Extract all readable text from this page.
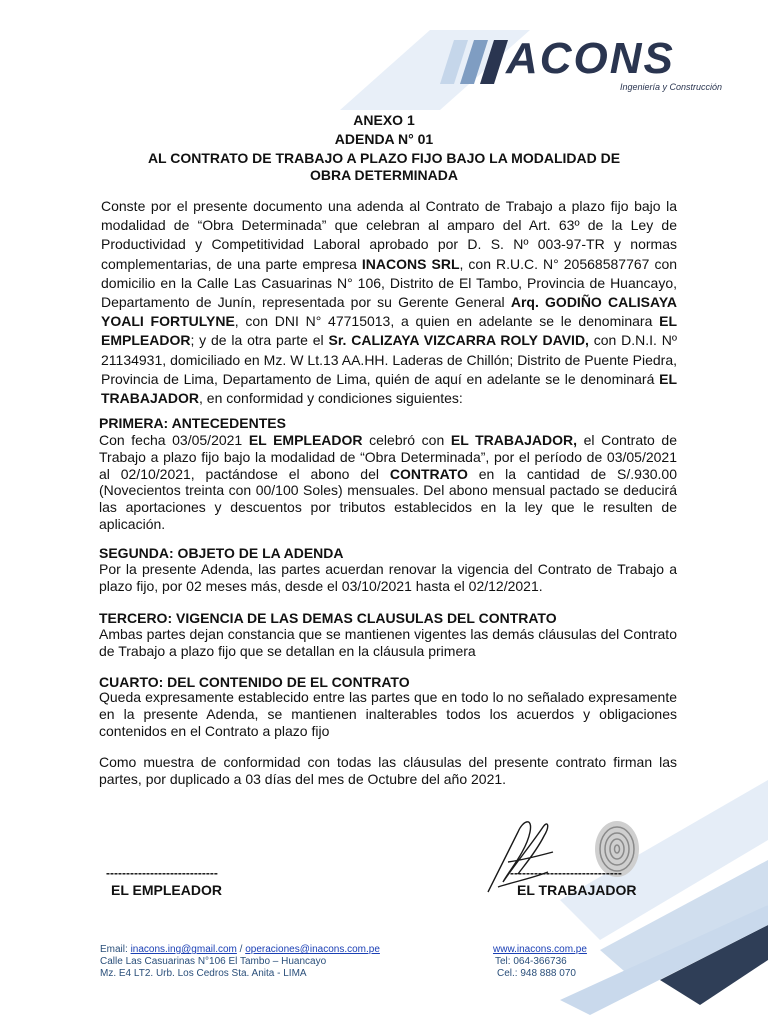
ACONS
Ingeniería y Construcción
ANEXO 1
ADENDA N° 01
AL CONTRATO DE TRABAJO A PLAZO FIJO BAJO LA MODALIDAD DE
OBRA DETERMINADA

Conste por el presente documento una adenda al Contrato de Trabajo a plazo fijo bajo la modalidad de “Obra Determinada” que celebran al amparo del Art. 63º de la Ley de Productividad y Competitividad Laboral aprobado por D. S. Nº 003-97-TR y normas complementarias, de una parte empresa INACONS SRL, con R.U.C. N° 20568587767 con domicilio en la Calle Las Casuarinas N° 106, Distrito de El Tambo, Provincia de Huancayo, Departamento de Junín, representada por su Gerente General Arq. GODIÑO CALISAYA YOALI FORTULYNE, con DNI N° 47715013, a quien en adelante se le denominara EL EMPLEADOR; y de la otra parte el Sr. CALIZAYA VIZCARRA ROLY DAVID, con D.N.I. Nº 21134931, domiciliado en Mz. W Lt.13 AA.HH. Laderas de Chillón; Distrito de Puente Piedra, Provincia de Lima, Departamento de Lima, quién de aquí en adelante se le denominará EL TRABAJADOR, en conformidad y condiciones siguientes:

PRIMERA: ANTECEDENTES

Con fecha 03/05/2021 EL EMPLEADOR celebró con EL TRABAJADOR, el Contrato de Trabajo a plazo fijo bajo la modalidad de “Obra Determinada”, por el período de 03/05/2021 al 02/10/2021, pactándose el abono del CONTRATO en la cantidad de S/.930.00 (Novecientos treinta con 00/100 Soles) mensuales. Del abono mensual pactado se deducirá las aportaciones y descuentos por tributos establecidos en la ley que le resulten de aplicación.

SEGUNDA: OBJETO DE LA ADENDA

Por la presente Adenda, las partes acuerdan renovar la vigencia del Contrato de Trabajo a plazo fijo, por 02 meses más, desde el 03/10/2021 hasta el 02/12/2021.

TERCERO: VIGENCIA DE LAS DEMAS CLAUSULAS DEL CONTRATO

Ambas partes dejan constancia que se mantienen vigentes las demás cláusulas del Contrato de Trabajo a plazo fijo que se detallan en la cláusula primera

CUARTO: DEL CONTENIDO DE EL CONTRATO

Queda expresamente establecido entre las partes que en todo lo no señalado expresamente en la presente Adenda, se mantienen inalterables todos los acuerdos y obligaciones contenidos en el Contrato a plazo fijo

Como muestra de conformidad con todas las cláusulas del presente contrato firman las partes, por duplicado a 03 días del mes de Octubre del año 2021.

----------------------------
EL EMPLEADOR
----------------------------
EL TRABAJADOR
Email: inacons.ing@gmail.com / operaciones@inacons.com.pe
Calle Las Casuarinas N°106 El Tambo – Huancayo
Mz. E4 LT2. Urb. Los Cedros Sta. Anita - LIMA
www.inacons.com.pe
Tel: 064-366736
Cel.: 948 888 070
